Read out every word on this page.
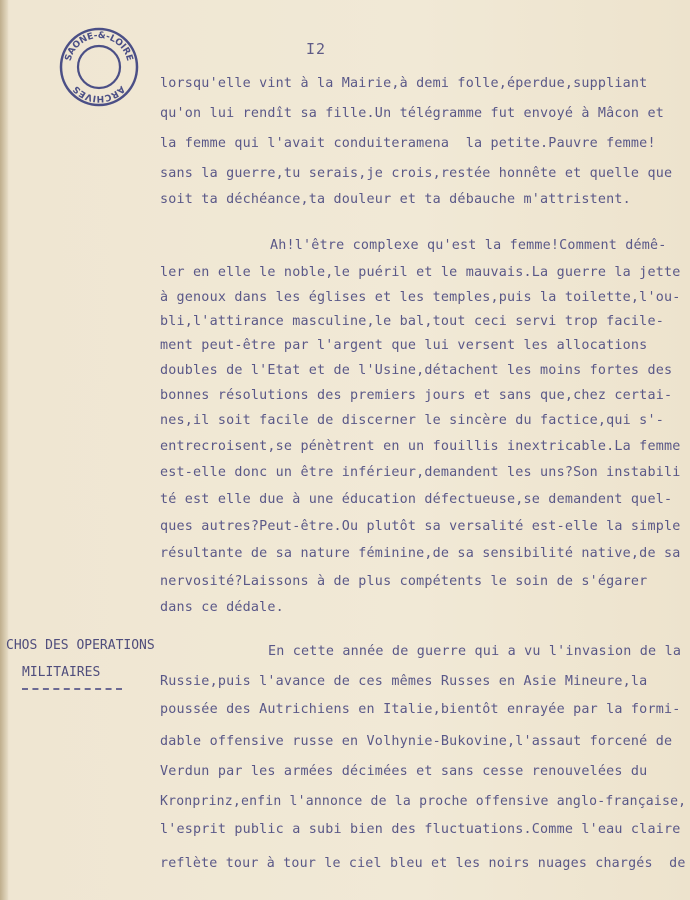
SAONE-&-LOIRE
ARCHIVES
I2
lorsqu'elle vint à la Mairie,à demi folle,éperdue,suppliant
qu'on lui rendît sa fille.Un télégramme fut envoyé à Mâcon et
la femme qui l'avait conduiteramena  la petite.Pauvre femme!
sans la guerre,tu serais,je crois,restée honnête et quelle que
soit ta déchéance,ta douleur et ta débauche m'attristent.
Ah!l'être complexe qu'est la femme!Comment démê-
ler en elle le noble,le puéril et le mauvais.La guerre la jette
à genoux dans les églises et les temples,puis la toilette,l'ou-
bli,l'attirance masculine,le bal,tout ceci servi trop facile-
ment peut-être par l'argent que lui versent les allocations
doubles de l'Etat et de l'Usine,détachent les moins fortes des
bonnes résolutions des premiers jours et sans que,chez certai-
nes,il soit facile de discerner le sincère du factice,qui s'-
entrecroisent,se pénètrent en un fouillis inextricable.La femme
est-elle donc un être inférieur,demandent les uns?Son instabili
té est elle due à une éducation défectueuse,se demandent quel-
ques autres?Peut-être.Ou plutôt sa versalité est-elle la simple
résultante de sa nature féminine,de sa sensibilité native,de sa
nervosité?Laissons à de plus compétents le soin de s'égarer
dans ce dédale.
CHOS DES OPERATIONS
MILITAIRES
En cette année de guerre qui a vu l'invasion de la
Russie,puis l'avance de ces mêmes Russes en Asie Mineure,la
poussée des Autrichiens en Italie,bientôt enrayée par la formi-
dable offensive russe en Volhynie-Bukovine,l'assaut forcené de
Verdun par les armées décimées et sans cesse renouvelées du
Kronprinz,enfin l'annonce de la proche offensive anglo-française,
l'esprit public a subi bien des fluctuations.Comme l'eau claire
reflète tour à tour le ciel bleu et les noirs nuages chargés  de
